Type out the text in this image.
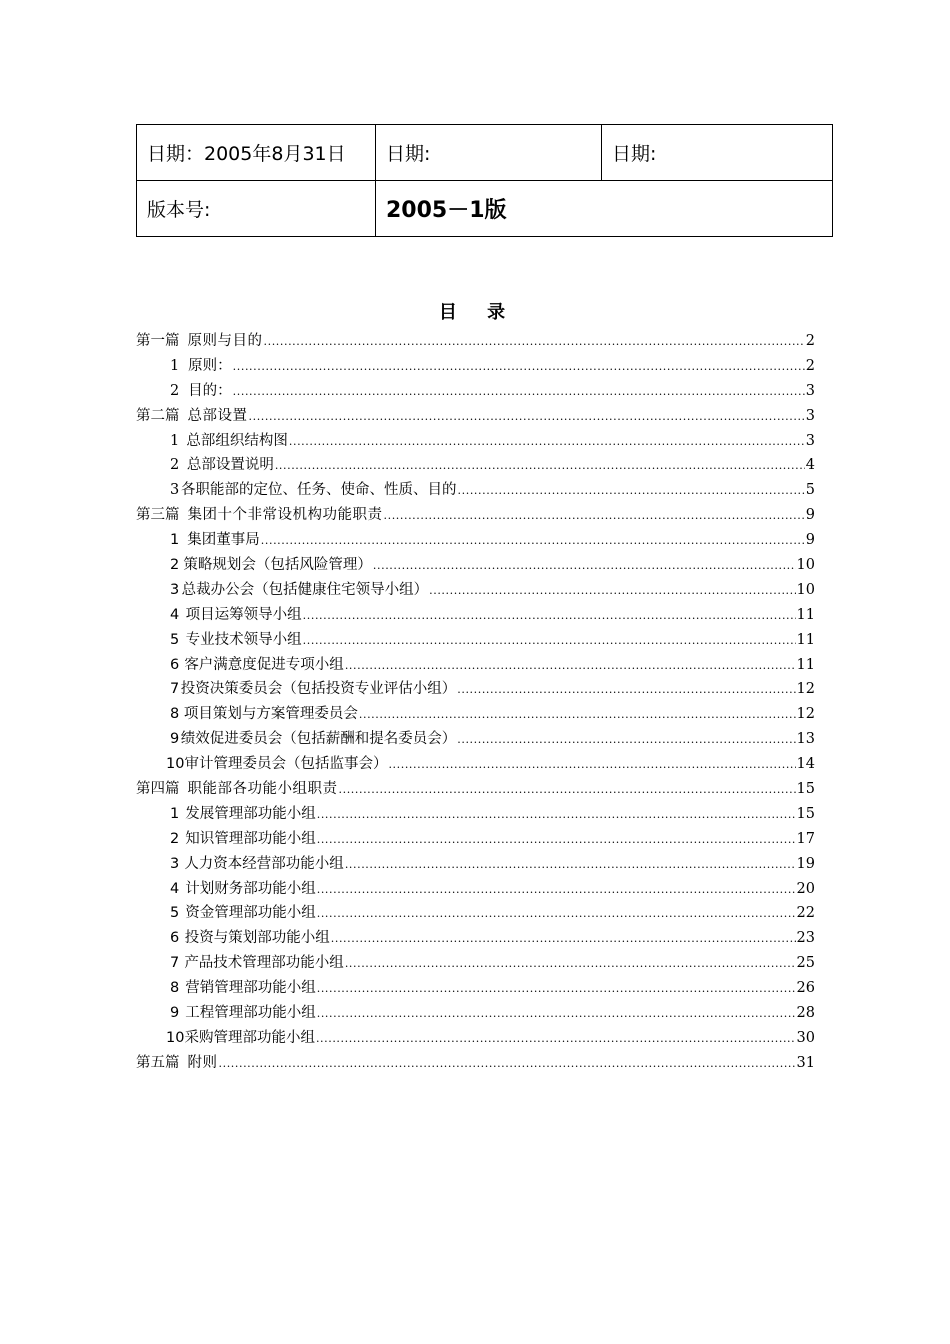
日期：2005年8月31日	日期:	日期:
版本号:	2005－1版	
目 录
第一篇 原则与目的 .....	2
1 原则： .....	2
2 目的： .....	3
第二篇 总部设置 .....	3
1 总部组织结构图 .....	3
2 总部设置说明 .....	4
3 各职能部的定位、任务、使命、性质、目的 .....	5
第三篇 集团十个非常设机构功能职责 .....	9
1 集团董事局 .....	9
2 策略规划会（包括风险管理） .....	10
3 总裁办公会（包括健康住宅领导小组） .....	10
4 项目运筹领导小组 .....	11
5 专业技术领导小组 .....	11
6 客户满意度促进专项小组 .....	11
7 投资决策委员会（包括投资专业评估小组） .....	12
8 项目策划与方案管理委员会 .....	12
9 绩效促进委员会（包括薪酬和提名委员会） .....	13
10 审计管理委员会（包括监事会） .....	14
第四篇 职能部各功能小组职责 .....	15
1 发展管理部功能小组 .....	15
2 知识管理部功能小组 .....	17
3 人力资本经营部功能小组 .....	19
4 计划财务部功能小组 .....	20
5 资金管理部功能小组 .....	22
6 投资与策划部功能小组 .....	23
7 产品技术管理部功能小组 .....	25
8 营销管理部功能小组 .....	26
9 工程管理部功能小组 .....	28
10 采购管理部功能小组 .....	30
第五篇 附则 .....	31
